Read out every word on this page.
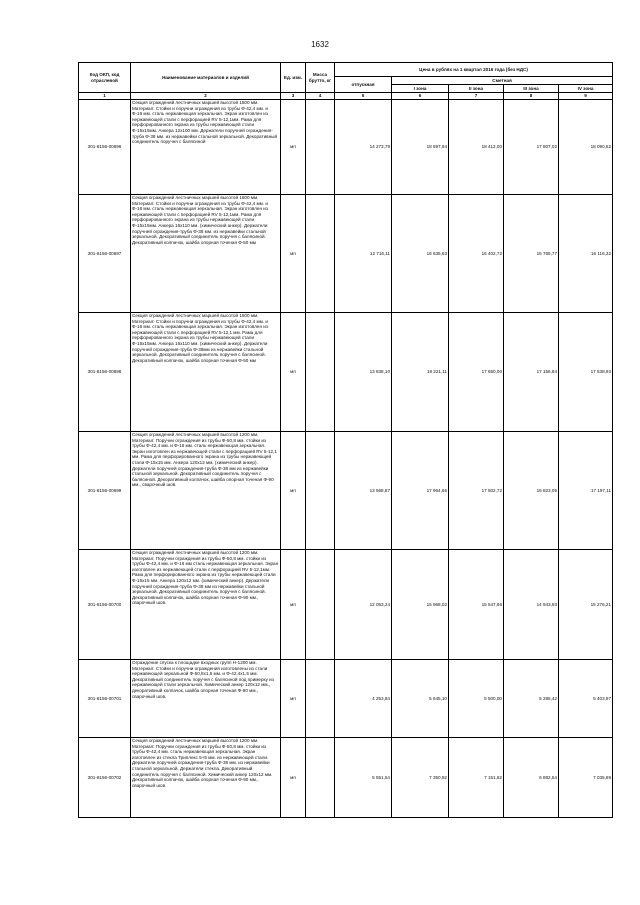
1632
Код ОКП, код отраслевой	Наименование материалов и изделий	Ед. изм.	Масса брутто, кг	Цена в рублях на 1 квартал 2016 года (без НДС)				
				отпускная	Сметная			
					I зона	II зона	III зона	IV зона
1	2	3	4	5	6	7	8	9
301-8156-00696	Секция ограждений лестничных маршей высотой 1500 мм. Материал: Стойки и поручни ограждения из трубы Ф-42,4 мм. и Ф-16 мм. сталь нержавеющая зеркальная. Экран изготовлен из нержавеющей стали с перфорацией RV 5-12,1мм. Рама для перфорированного экрана из трубы нержавеющей стали Ф-15х15мм. Анкера 12х100 мм. Держатели поручней ограждения-труба Ф-38 мм. из нержавейки стальной зеркальной. Декоративный соединитель поручня с балясиной	мп		14 273,79	18 597,94	18 412,00	17 807,02	18 090,52
301-8156-00697	Секция ограждений лестничных маршей высотой 1500 мм. Материал: Стойки и поручни ограждения из трубы Ф-42,4 мм. и Ф-16 мм. сталь нержавеющая зеркальная. Экран изготовлен из нержавеющей стали с перфорацией RV 5-12,1мм. Рама для перфорированного экрана из трубы нержавеющей стали Ф-15х15мм. Анкера 16х110 мм. (химический анкер). Держатели поручней ограждения-труба Ф-38 мм. из нержавейки стальной зеркальной. Декоративный соединитель поручня с балясиной. Декоративный колпачок, шайба опорная точеная Ф-50 мм	мп		12 716,11	16 635,63	16 402,72	15 765,77	16 116,32
301-8156-00698	Секция ограждений лестничных маршей высотой 1500 мм. Материал: Стойки и поручни ограждения из трубы Ф-42,4 мм. и Ф-16 мм. сталь нержавеющая зеркальная. Экран изготовлен из нержавеющей стали с перфорацией RV 5-12,1 мм. Рама для перфорированного экрана из трубы нержавеющей стали Ф-15х15мм. Анкера 16х110 мм. (химический анкер). Держатели поручней ограждения-труба Ф-38мм из нержавейки стальной зеркальной. Декоративный соединитель поручня с балясиной. Декоративный колпачок, шайба опорная точеная Ф-50 мм	мп		13 838,10	18 221,11	17 650,00	17 156,84	17 538,93
301-8156-00699	Секция ограждений лестничных маршей высотой 1200 мм. Материал: Поручни ограждения из трубы Ф-50,8 мм. стойки из трубы Ф-42,4 мм. и Ф-16 мм. сталь нержавеющая зеркальная. Экран изготовлен из нержавеющей стали с перфорацией RV 5-12,1 мм. Рама для перфорированного экрана из трубы нержавеющей стали Ф-15х15 мм. Анкера 120х12 мм. (химический анкер). Держатели поручней ограждения-труба Ф-38 мм из нержавейки стальной зеркальной. Декоративный соединитель поручня с балясиной. Декоративный колпачок, шайба опорная точеная Ф-90 мм., сварочный шов.	мп		13 568,87	17 964,66	17 502,72	16 823,05	17 197,11
301-8156-00700	Секция ограждений лестничных маршей высотой 1200 мм. Материал: Поручни ограждения из трубы Ф-50,8 мм. стойки из трубы Ф-42,4 мм. и Ф-16 мм сталь нержавеющая зеркальная. Экран изготовлен из нержавеющей стали с перфорацией RV 5-12,1мм. Рама для перфорированного экрана из трубы нержавеющей стали Ф-15х15 мм. Анкера 120х12 мм. (химический анкер). Держатели поручней ограждения-труба Ф-38 мм из нержавейки стальной зеркальной. Декоративный соединитель поручня с балясиной. Декоративный колпачок, шайба опорная точеная Ф-90 мм., сварочный шов.	мп		12 053,24	15 968,02	15 547,66	14 943,93	15 276,21
301-8156-00701	Ограждение спуска к площадке входных групп Н-1200 мм. Материал: Стойки и поручни ограждения изготовлены из стали нержавеющей зеркальной Ф-50,8х1,5 мм. и Ф-42,4х1,5 мм. Декоративный соединитель поручня с балясиной под примерку из нержавеющей стали зеркальной. Химический анкер 120х12 мм., декоративный колпачок, шайба опорная точеная Ф-90 мм., сварочный шов.	мп		4 253,84	5 645,10	5 500,00	5 285,42	5 403,97
301-8156-00702	Секция ограждений лестничных маршей высотой 1200 мм. Материал: Поручни ограждения из трубы Ф-50,8 мм. стойки из трубы Ф-42,4 мм. сталь нержавеющая зеркальная. Экран изготовлен из стекла Триплекс 5+5 мм. из нержавеющей стали. Держатели поручней ограждения-труба Ф-38 мм. из нержавейки стальной зеркальной. Держатели стекла. Декоративный соединитель поручня с балясиной. Химический анкер 120х12 мм. Декоративный колпачок, шайба опорная точеная Ф-90 мм., сварочный шов.	мп		5 551,54	7 350,92	7 151,62	6 882,54	7 035,69
